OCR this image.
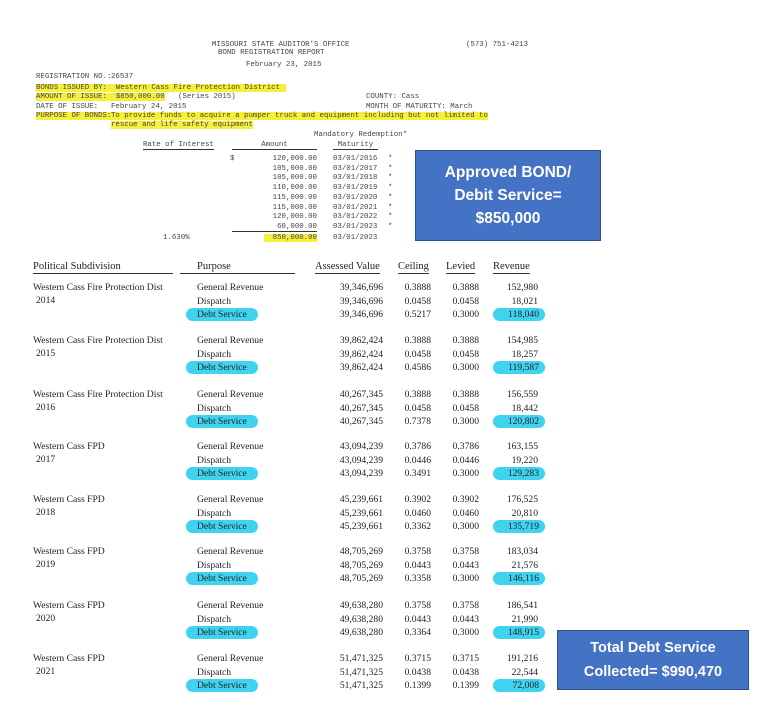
MISSOURI STATE AUDITOR'S OFFICE
BOND REGISTRATION REPORT
(573) 751-4213
February 23, 2015
REGISTRATION NO.: 26537
BONDS ISSUED BY: Western Cass Fire Protection District
AMOUNT OF ISSUE: $850,000.00 (Series 2015)	COUNTY: Cass
DATE OF ISSUE: February 24, 2015	MONTH OF MATURITY: March
PURPOSE OF BONDS: To provide funds to acquire a pumper truck and equipment including but not limited to
rescue and life safety equipment
Mandatory Redemption*
Rate of Interest	Amount	Maturity
$	120,000.00 03/01/2016 *
105,000.00 03/01/2017 *
105,000.00 03/01/2018 *
110,000.00 03/01/2019 *
115,000.00 03/01/2020 *
115,000.00 03/01/2021 *
120,000.00 03/01/2022 *
60,000.00 03/01/2023 *
1.630%	850,000.00 03/01/2023
Approved BOND/
Debit Service=
$850,000
Political Subdivision	Purpose	Assessed Value Ceiling Levied Revenue
Western Cass Fire Protection Dist
2014
General Revenue	39,346,696	0.3888	0.3888	152,980
Dispatch	39,346,696	0.0458	0.0458	18,021
Debt Service	39,346,696	0.5217	0.3000	118,040
Western Cass Fire Protection Dist
2015
General Revenue	39,862,424	0.3888	0.3888	154,985
Dispatch	39,862,424	0.0458	0.0458	18,257
Debt Service	39,862,424	0.4586	0.3000	119,587
Western Cass Fire Protection Dist
2016
General Revenue	40,267,345	0.3888	0.3888	156,559
Dispatch	40,267,345	0.0458	0.0458	18,442
Debt Service	40,267,345	0.7378	0.3000	120,802
Western Cass FPD
2017
General Revenue	43,094,239	0.3786	0.3786	163,155
Dispatch	43,094,239	0.0446	0.0446	19,220
Debt Service	43,094,239	0.3491	0.3000	129,283
Western Cass FPD
2018
General Revenue	45,239,661	0.3902	0.3902	176,525
Dispatch	45,239,661	0.0460	0.0460	20,810
Debt Service	45,239,661	0.3362	0.3000	135,719
Western Cass FPD
2019
General Revenue	48,705,269	0.3758	0.3758	183,034
Dispatch	48,705,269	0.0443	0.0443	21,576
Debt Service	48,705,269	0.3358	0.3000	146,116
Western Cass FPD
2020
General Revenue	49,638,280	0.3758	0.3758	186,541
Dispatch	49,638,280	0.0443	0.0443	21,990
Debt Service	49,638,280	0.3364	0.3000	148,915
Western Cass FPD
2021
General Revenue	51,471,325	0.3715	0.3715	191,216
Dispatch	51,471,325	0.0438	0.0438	22,544
Debt Service	51,471,325	0.1399	0.1399	72,008
Total Debt Service
Collected= $990,470
